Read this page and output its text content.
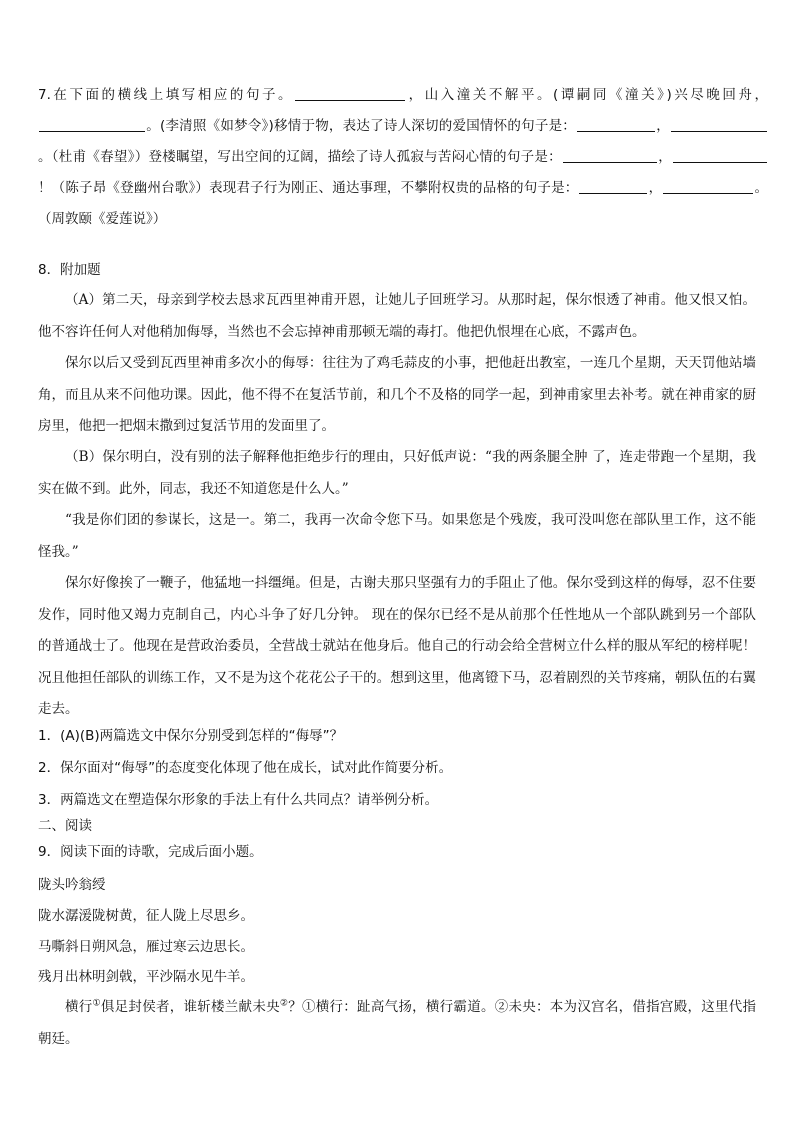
7.在下面的横线上填写相应的句子。	，山入潼关不解平。(谭嗣同《潼关》)兴尽晚回舟，。(李清照《如梦令》)移情于物，表达了诗人深切的爱国情怀的句子是：	，。（杜甫《春望》）登楼瞩望，写出空间的辽阔，描绘了诗人孤寂与苦闷心情的句子是：	，！（陈子昂《登幽州台歌》）表现君子行为刚正、通达事理，不攀附权贵的品格的句子是：	，	。（周敦颐《爱莲说》）
8．附加题
（A）第二天，母亲到学校去恳求瓦西里神甫开恩，让她儿子回班学习。从那时起，保尔恨透了神甫。他又恨又怕。他不容许任何人对他稍加侮辱，当然也不会忘掉神甫那顿无端的毒打。他把仇恨埋在心底，不露声色。
保尔以后又受到瓦西里神甫多次小的侮辱：往往为了鸡毛蒜皮的小事，把他赶出教室，一连几个星期，天天罚他站墙角，而且从来不问他功课。因此，他不得不在复活节前，和几个不及格的同学一起，到神甫家里去补考。就在神甫家的厨房里，他把一把烟末撒到过复活节用的发面里了。
（B）保尔明白，没有别的法子解释他拒绝步行的理由，只好低声说：“我的两条腿全肿 了，连走带跑一个星期，我实在做不到。此外，同志，我还不知道您是什么人。”
“我是你们团的参谋长，这是一。第二，我再一次命令您下马。如果您是个残废，我可没叫您在部队里工作，这不能怪我。”
保尔好像挨了一鞭子，他猛地一抖缰绳。但是，古谢夫那只坚强有力的手阻止了他。保尔受到这样的侮辱，忍不住要发作，同时他又竭力克制自己，内心斗争了好几分钟。 现在的保尔已经不是从前那个任性地从一个部队跳到另一个部队的普通战士了。他现在是营政治委员，全营战士就站在他身后。他自己的行动会给全营树立什么样的服从军纪的榜样呢！况且他担任部队的训练工作，又不是为这个花花公子干的。想到这里，他离镫下马，忍着剧烈的关节疼痛，朝队伍的右翼走去。
1．(A)(B)两篇选文中保尔分别受到怎样的“侮辱”？
2．保尔面对“侮辱”的态度变化体现了他在成长，试对此作简要分析。
3．两篇选文在塑造保尔形象的手法上有什么共同点？请举例分析。
二、阅读
9．阅读下面的诗歌，完成后面小题。
陇头吟翁绶
陇水潺湲陇树黄，征人陇上尽思乡。
马嘶斜日朔风急，雁过寒云边思长。
残月出林明剑戟，平沙隔水见牛羊。
横行①俱足封侯者，谁斩楼兰献未央②？①横行：趾高气扬，横行霸道。②未央：本为汉宫名，借指宫殿，这里代指朝廷。
